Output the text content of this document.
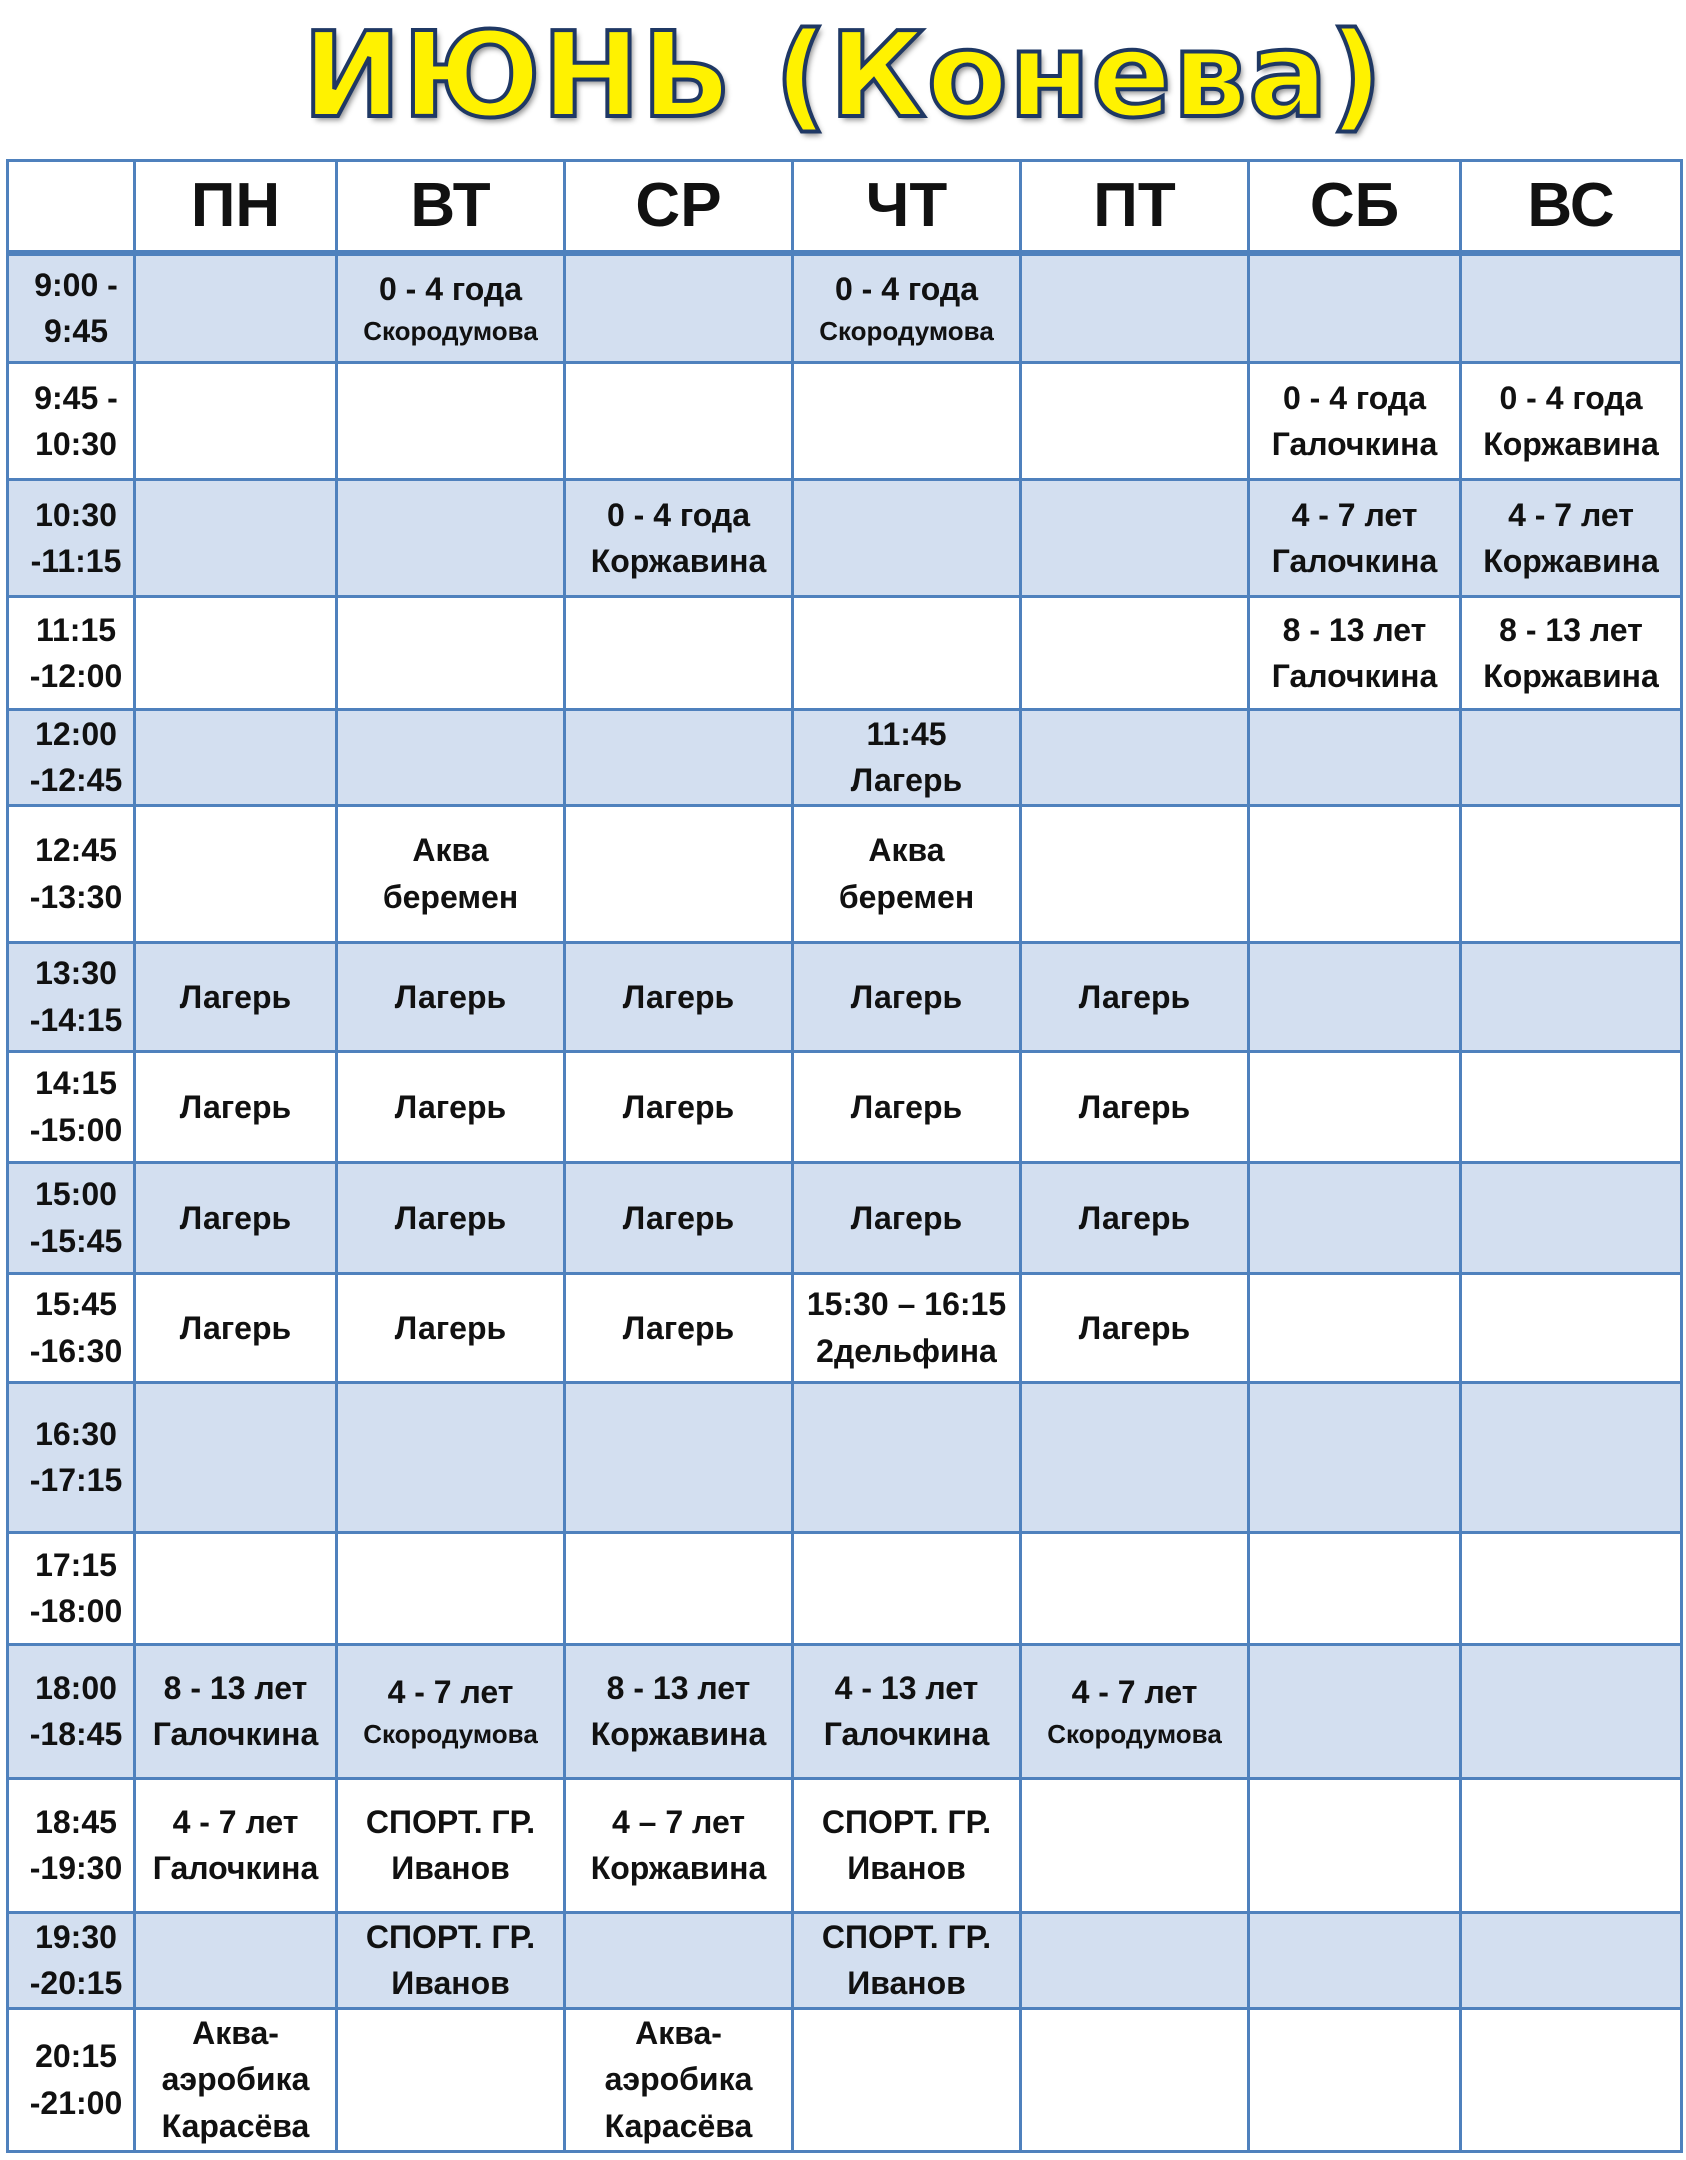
ИЮНЬ (Конева)
	ПН	ВТ	СР	ЧТ	ПТ	СБ	ВС

9:00 -
9:45		0 - 4 года
Скородумова		0 - 4 года
Скородумова			

9:45 -
10:30						0 - 4 года
Галочкина	0 - 4 года
Коржавина

10:30
-11:15			0 - 4 года
Коржавина			4 - 7 лет
Галочкина	4 - 7 лет
Коржавина

11:15
-12:00						8 - 13 лет
Галочкина	8 - 13 лет
Коржавина

12:00
-12:45				11:45
Лагерь			

12:45
-13:30		Аква
беремен		Аква
беремен			

13:30
-14:15	Лагерь	Лагерь	Лагерь	Лагерь	Лагерь		

14:15
-15:00	Лагерь	Лагерь	Лагерь	Лагерь	Лагерь		

15:00
-15:45	Лагерь	Лагерь	Лагерь	Лагерь	Лагерь		

15:45
-16:30	Лагерь	Лагерь	Лагерь	15:30 – 16:15
2дельфина	Лагерь		

16:30
-17:15							

17:15
-18:00							

18:00
-18:45	8 - 13 лет
Галочкина	4 - 7 лет
Скородумова	8 - 13 лет
Коржавина	4 - 13 лет
Галочкина	4 - 7 лет
Скородумова		

18:45
-19:30	4 - 7 лет
Галочкина	СПОРТ. ГР.
Иванов	4 – 7 лет
Коржавина	СПОРТ. ГР.
Иванов			

19:30
-20:15		СПОРТ. ГР.
Иванов		СПОРТ. ГР.
Иванов			

20:15
-21:00	Аква-
аэробика
Карасёва		Аква-
аэробика
Карасёва				
